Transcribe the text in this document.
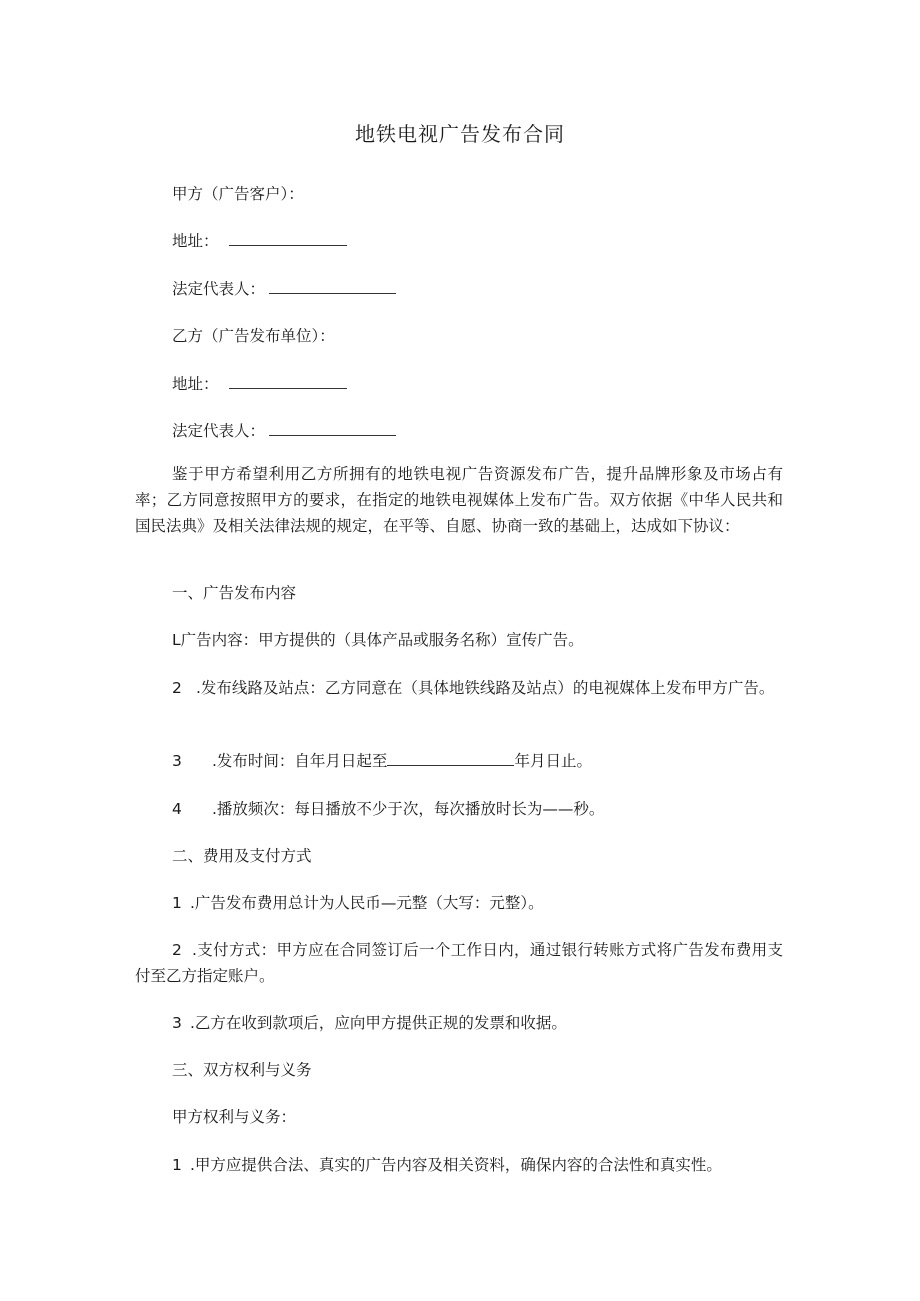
地铁电视广告发布合同
甲方（广告客户）：
地址：
法定代表人：
乙方（广告发布单位）：
地址：
法定代表人：
鉴于甲方希望利用乙方所拥有的地铁电视广告资源发布广告，提升品牌形象及市场占有率；乙方同意按照甲方的要求，在指定的地铁电视媒体上发布广告。双方依据《中华人民共和国民法典》及相关法律法规的规定，在平等、自愿、协商一致的基础上，达成如下协议：
一、广告发布内容
L广告内容：甲方提供的（具体产品或服务名称）宣传广告。
2 .发布线路及站点：乙方同意在（具体地铁线路及站点）的电视媒体上发布甲方广告。
3 .发布时间：自年月日起至	年月日止。
4 .播放频次：每日播放不少于次，每次播放时长为——秒。
二、费用及支付方式
1 .广告发布费用总计为人民币—元整（大写：元整）。
2 .支付方式：甲方应在合同签订后一个工作日内，通过银行转账方式将广告发布费用支付至乙方指定账户。
3 .乙方在收到款项后，应向甲方提供正规的发票和收据。
三、双方权利与义务
甲方权利与义务：
1 .甲方应提供合法、真实的广告内容及相关资料，确保内容的合法性和真实性。
